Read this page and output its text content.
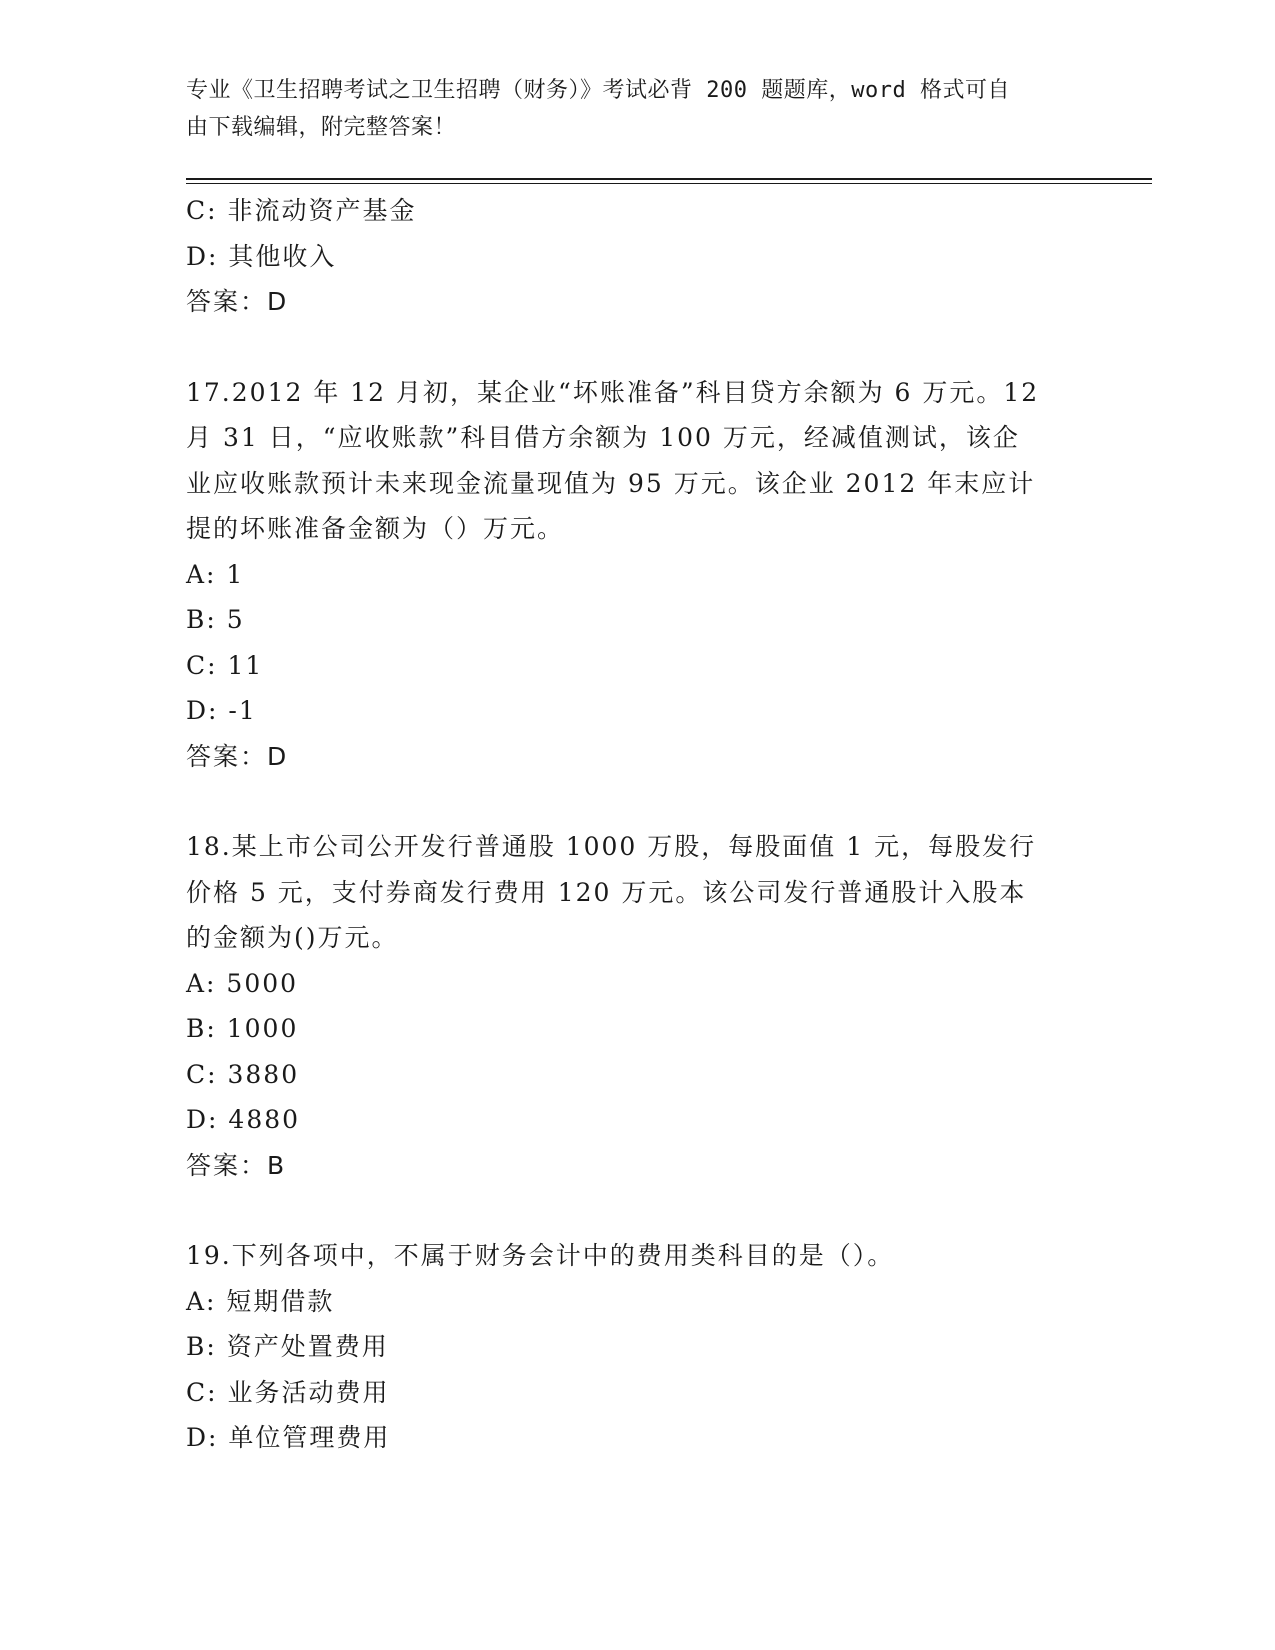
专业《卫生招聘考试之卫生招聘（财务）》考试必背 200 题题库，word 格式可自
由下载编辑，附完整答案！
C: 非流动资产基金
D: 其他收入
答案：D
17.2012 年 12 月初，某企业“坏账准备”科目贷方余额为 6 万元。12
月 31 日，“应收账款”科目借方余额为 100 万元，经减值测试，该企
业应收账款预计未来现金流量现值为 95 万元。该企业 2012 年末应计
提的坏账准备金额为（）万元。
A: 1
B: 5
C: 11
D: -1
答案：D
18.某上市公司公开发行普通股 1000 万股，每股面值 1 元，每股发行
价格 5 元，支付券商发行费用 120 万元。该公司发行普通股计入股本
的金额为()万元。
A: 5000
B: 1000
C: 3880
D: 4880
答案：B
19.下列各项中，不属于财务会计中的费用类科目的是（）。
A: 短期借款
B: 资产处置费用
C: 业务活动费用
D: 单位管理费用
